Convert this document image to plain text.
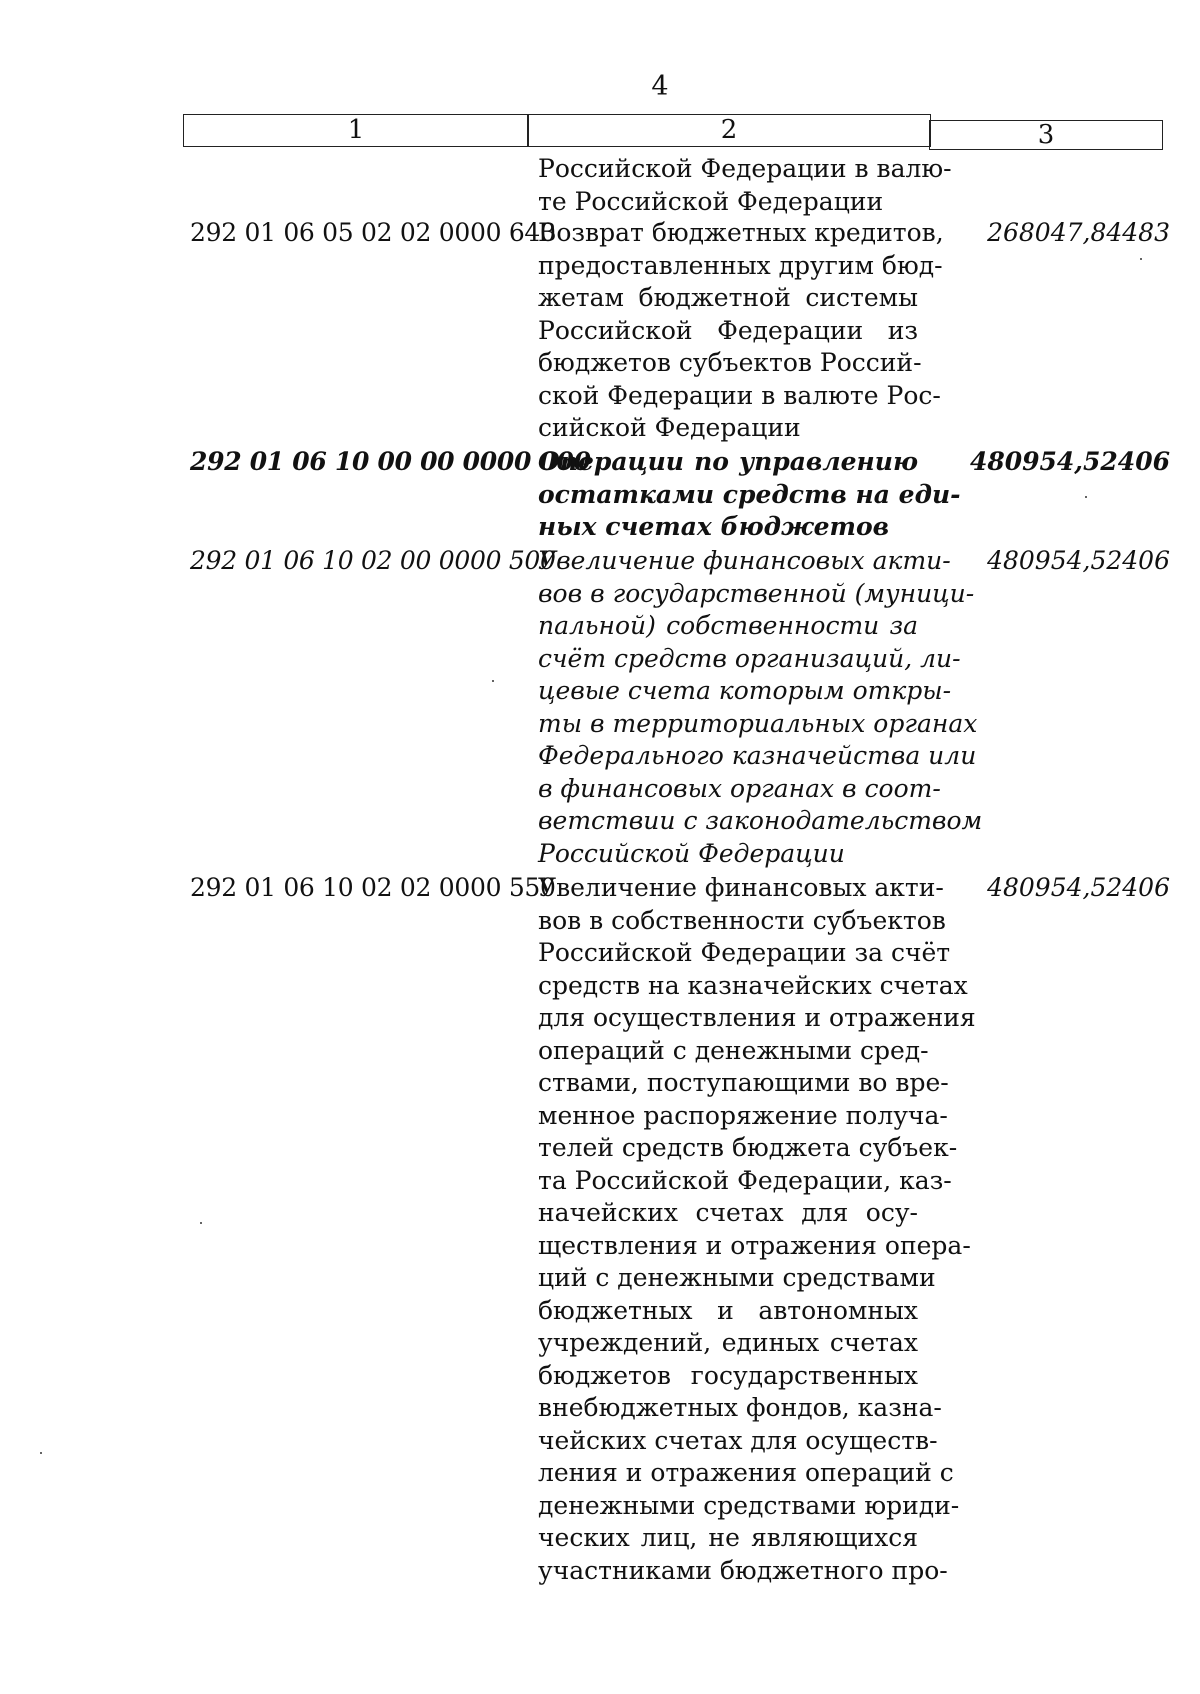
4
1	2	3
Российской Федерации в валю-
те Российской Федерации
292 01 06 05 02 02 0000 640
Возврат бюджетных кредитов,
предоставленных другим бюд-
жетам бюджетной системы
Российской Федерации из
бюджетов субъектов Россий-
ской Федерации в валюте Рос-
сийской Федерации
268047,84483
292 01 06 10 00 00 0000 000
Операции по управлению
остатками средств на еди-
ных счетах бюджетов
480954,52406
292 01 06 10 02 00 0000 500
Увеличение финансовых акти-
вов в государственной (муници-
пальной) собственности за
счёт средств организаций, ли-
цевые счета которым откры-
ты в территориальных органах
Федерального казначейства или
в финансовых органах в соот-
ветствии с законодательством
Российской Федерации
480954,52406
292 01 06 10 02 02 0000 550
Увеличение финансовых акти-
вов в собственности субъектов
Российской Федерации за счёт
средств на казначейских счетах
для осуществления и отражения
операций с денежными сред-
ствами, поступающими во вре-
менное распоряжение получа-
телей средств бюджета субъек-
та Российской Федерации, каз-
начейских счетах для осу-
ществления и отражения опера-
ций с денежными средствами
бюджетных и автономных
учреждений, единых счетах
бюджетов государственных
внебюджетных фондов, казна-
чейских счетах для осуществ-
ления и отражения операций с
денежными средствами юриди-
ческих лиц, не являющихся
участниками бюджетного про-
480954,52406
